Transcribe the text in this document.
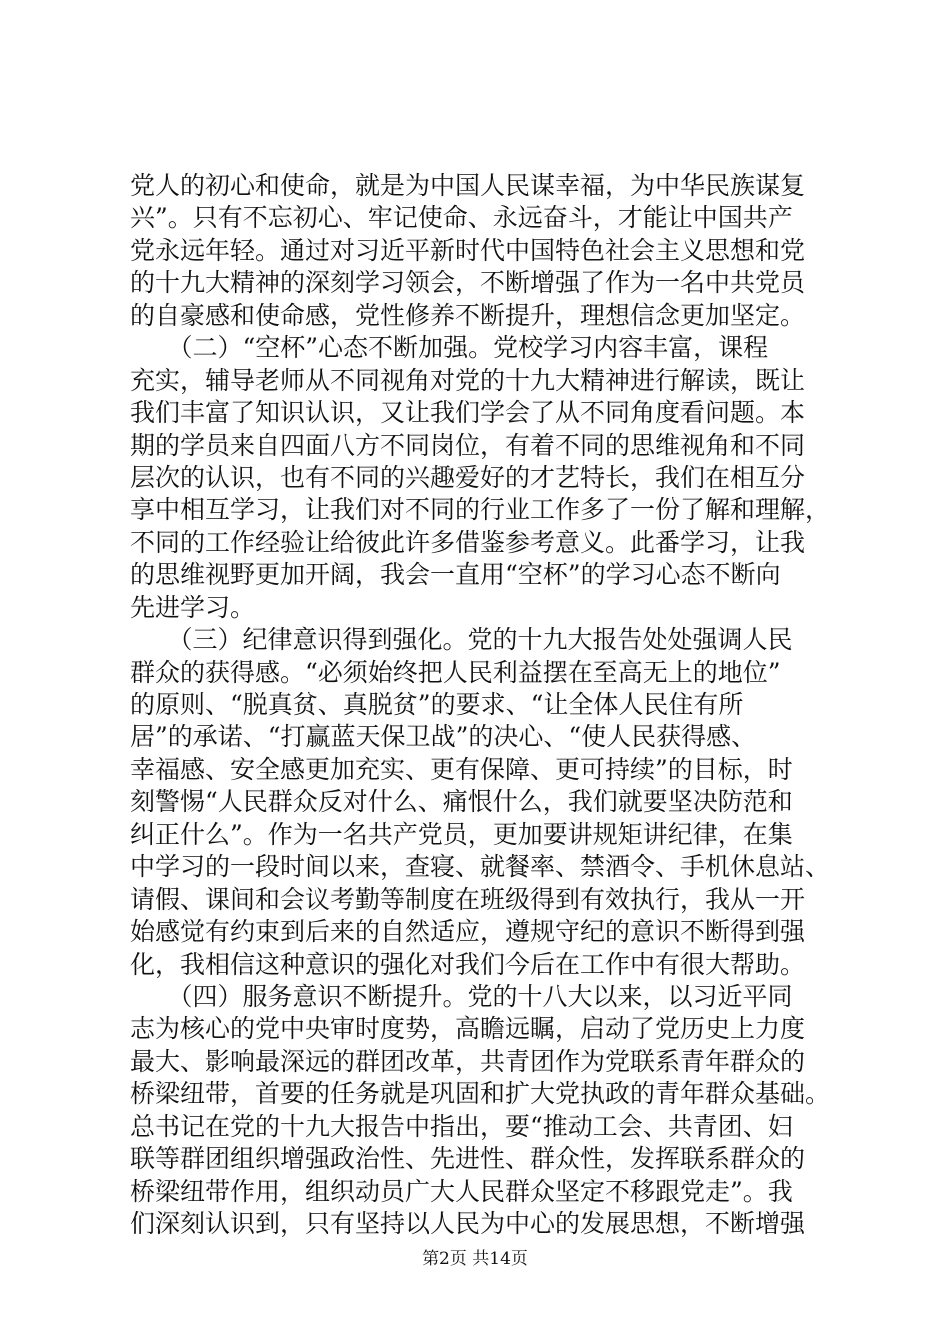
党人的初心和使命，就是为中国人民谋幸福，为中华民族谋复
兴”。只有不忘初心、牢记使命、永远奋斗，才能让中国共产
党永远年轻。通过对习近平新时代中国特色社会主义思想和党
的十九大精神的深刻学习领会，不断增强了作为一名中共党员
的自豪感和使命感，党性修养不断提升，理想信念更加坚定。
　　（二）“空杯”心态不断加强。党校学习内容丰富，课程
充实，辅导老师从不同视角对党的十九大精神进行解读，既让
我们丰富了知识认识，又让我们学会了从不同角度看问题。本
期的学员来自四面八方不同岗位，有着不同的思维视角和不同
层次的认识，也有不同的兴趣爱好的才艺特长，我们在相互分
享中相互学习，让我们对不同的行业工作多了一份了解和理解，
不同的工作经验让给彼此许多借鉴参考意义。此番学习，让我
的思维视野更加开阔，我会一直用“空杯”的学习心态不断向
先进学习。
　　（三）纪律意识得到强化。党的十九大报告处处强调人民
群众的获得感。“必须始终把人民利益摆在至高无上的地位”
的原则、“脱真贫、真脱贫”的要求、“让全体人民住有所
居”的承诺、“打赢蓝天保卫战”的决心、“使人民获得感、
幸福感、安全感更加充实、更有保障、更可持续”的目标，时
刻警惕“人民群众反对什么、痛恨什么，我们就要坚决防范和
纠正什么”。作为一名共产党员，更加要讲规矩讲纪律，在集
中学习的一段时间以来，查寝、就餐率、禁酒令、手机休息站、
请假、课间和会议考勤等制度在班级得到有效执行，我从一开
始感觉有约束到后来的自然适应，遵规守纪的意识不断得到强
化，我相信这种意识的强化对我们今后在工作中有很大帮助。
　　（四）服务意识不断提升。党的十八大以来，以习近平同
志为核心的党中央审时度势，高瞻远瞩，启动了党历史上力度
最大、影响最深远的群团改革，共青团作为党联系青年群众的
桥梁纽带，首要的任务就是巩固和扩大党执政的青年群众基础。
总书记在党的十九大报告中指出，要“推动工会、共青团、妇
联等群团组织增强政治性、先进性、群众性，发挥联系群众的
桥梁纽带作用，组织动员广大人民群众坚定不移跟党走”。我
们深刻认识到，只有坚持以人民为中心的发展思想，不断增强
第2页 共14页
